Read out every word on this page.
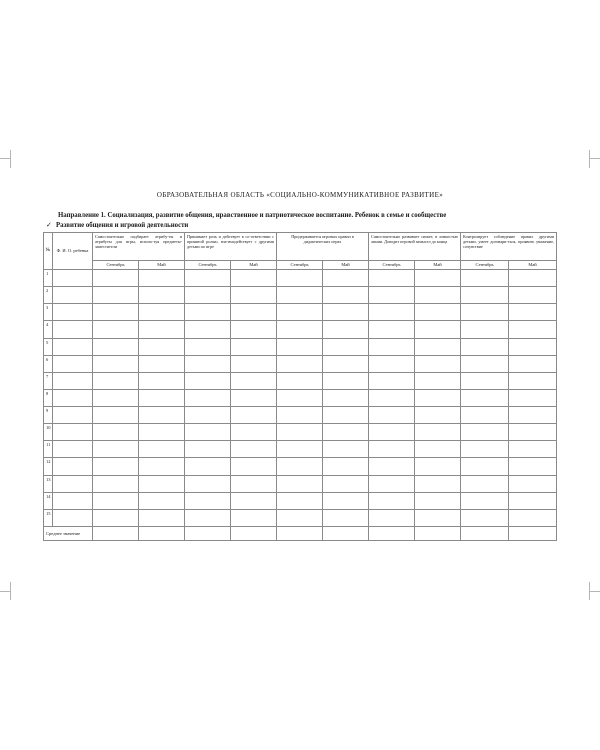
ОБРАЗОВАТЕЛЬНАЯ ОБЛАСТЬ «СОЦИАЛЬНО-КОММУНИКАТИВНОЕ РАЗВИТИЕ»
Направление 1. Социализация, развитие общения, нравственное и патриотическое воспитание. Ребенок в семье и сообществе
✓ Развитие общения и игровой деятельности
№	Ф. И. О. ребенка	Самостоятельно подбирает атрибу-ты и атрибуты для игры, исполь-зуя предметы-заместители		Принимает роль и действует в со-ответствии с принятой ролью, вза-имодействует с другими детьми по игре		Придерживается игровых правил в дидактических играх		Самостоятельно развивает сюжет, в ловкостью линии. Доводит игровой замысел до конца		Контролирует соблюдение правил другими детьми, умеет договари-ться, проявить уважение, сочувствие	
		Сентябрь	Май	Сентябрь	Май	Сентябрь	Май	Сентябрь	Май	Сентябрь	Май
1											
2											
3											
4											
5											
6											
7											
8											
9											
10											
11											
12											
13											
14											
15											
Среднее значение											
